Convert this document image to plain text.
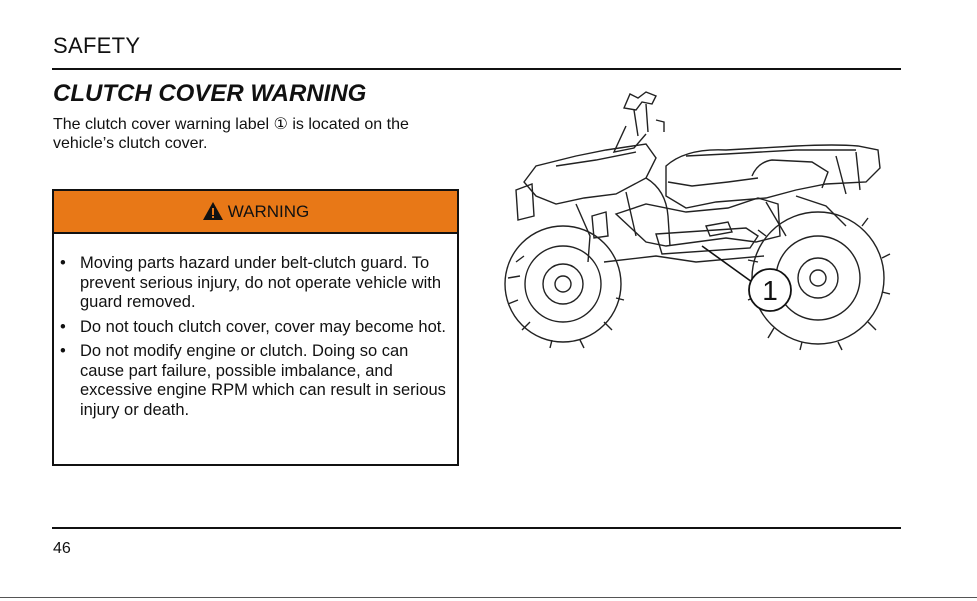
SAFETY
CLUTCH COVER WARNING
The clutch cover warning label ① is located on the vehicle’s clutch cover.
WARNING
• Moving parts hazard under belt-clutch guard. To prevent serious injury, do not operate vehicle with guard removed.
• Do not touch clutch cover, cover may become hot.
• Do not modify engine or clutch. Doing so can cause part failure, possible imbalance, and excessive engine RPM which can result in serious injury or death.
1
46
